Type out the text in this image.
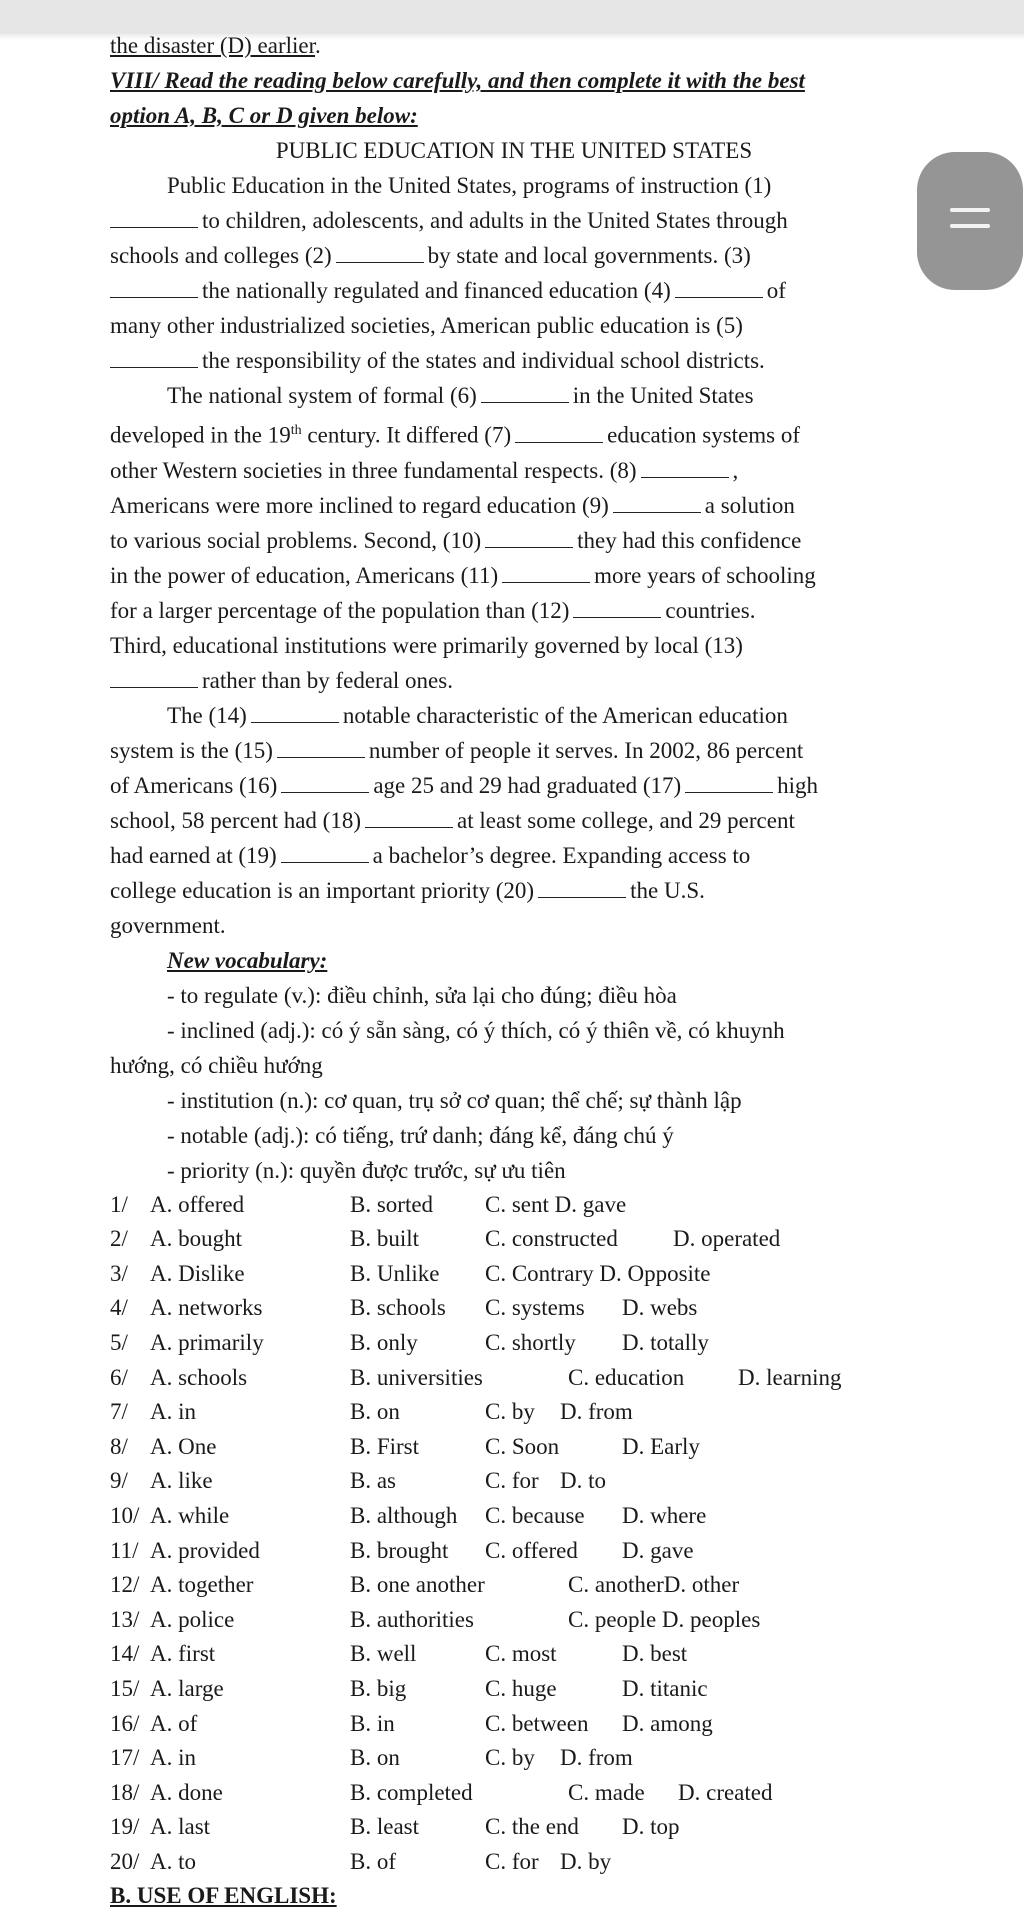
the disaster (D) earlier.
VIII/ Read the reading below carefully, and then complete it with the best
option A, B, C or D given below:
PUBLIC EDUCATION IN THE UNITED STATES

Public Education in the United States, programs of instruction (1)

to children, adolescents, and adults in the United States through

schools and colleges (2)	by state and local governments. (3)

the nationally regulated and financed education (4)	of

many other industrialized societies, American public education is (5)

the responsibility of the states and individual school districts.

The national system of formal (6)	in the United States

developed in the 19th century. It differed (7)	education systems of

other Western societies in three fundamental respects. (8)	,

Americans were more inclined to regard education (9)	a solution

to various social problems. Second, (10)	they had this confidence

in the power of education, Americans (11)	more years of schooling

for a larger percentage of the population than (12)	countries.

Third, educational institutions were primarily governed by local (13)

rather than by federal ones.

The (14)	notable characteristic of the American education

system is the (15)	number of people it serves. In 2002, 86 percent

of Americans (16)	age 25 and 29 had graduated (17)	high

school, 58 percent had (18)	at least some college, and 29 percent

had earned at (19)	a bachelor’s degree. Expanding access to

college education is an important priority (20)	the U.S.

government.

New vocabulary:

- to regulate (v.): điều chỉnh, sửa lại cho đúng; điều hòa

- inclined (adj.): có ý sẵn sàng, có ý thích, có ý thiên về, có khuynh

hướng, có chiều hướng

- institution (n.): cơ quan, trụ sở cơ quan; thể chế; sự thành lập

- notable (adj.): có tiếng, trứ danh; đáng kể, đáng chú ý

- priority (n.): quyền được trước, sự ưu tiên

1/ A. offered	B. sorted C. sent D. gave
2/ A. bought	B. built	C. constructed D. operated
3/ A. Dislike	B. Unlike C. Contrary D. Opposite
4/ A. networks	B. schools C. systems D. webs
5/ A. primarily	B. only	C. shortly D. totally
6/ A. schools	B. universities	C. education D. learning
7/ A. in	B. on	C. by D. from
8/ A. One	B. First	C. Soon	D. Early
9/ A. like	B. as	C. for D. to
10/ A. while	B. although C. because D. where
11/ A. provided	B. brought C. offered D. gave
12/ A. together	B. one another	C. anotherD. other
13/ A. police	B. authorities	C. people D. peoples
14/ A. first	B. well	C. most	D. best
15/ A. large	B. big	C. huge	D. titanic
16/ A. of	B. in	C. between D. among
17/ A. in	B. on	C. by D. from
18/ A. done	B. completed	C. made D. created
19/ A. last	B. least	C. the end D. top
20/ A. to	B. of	C. for D. by
B. USE OF ENGLISH:
